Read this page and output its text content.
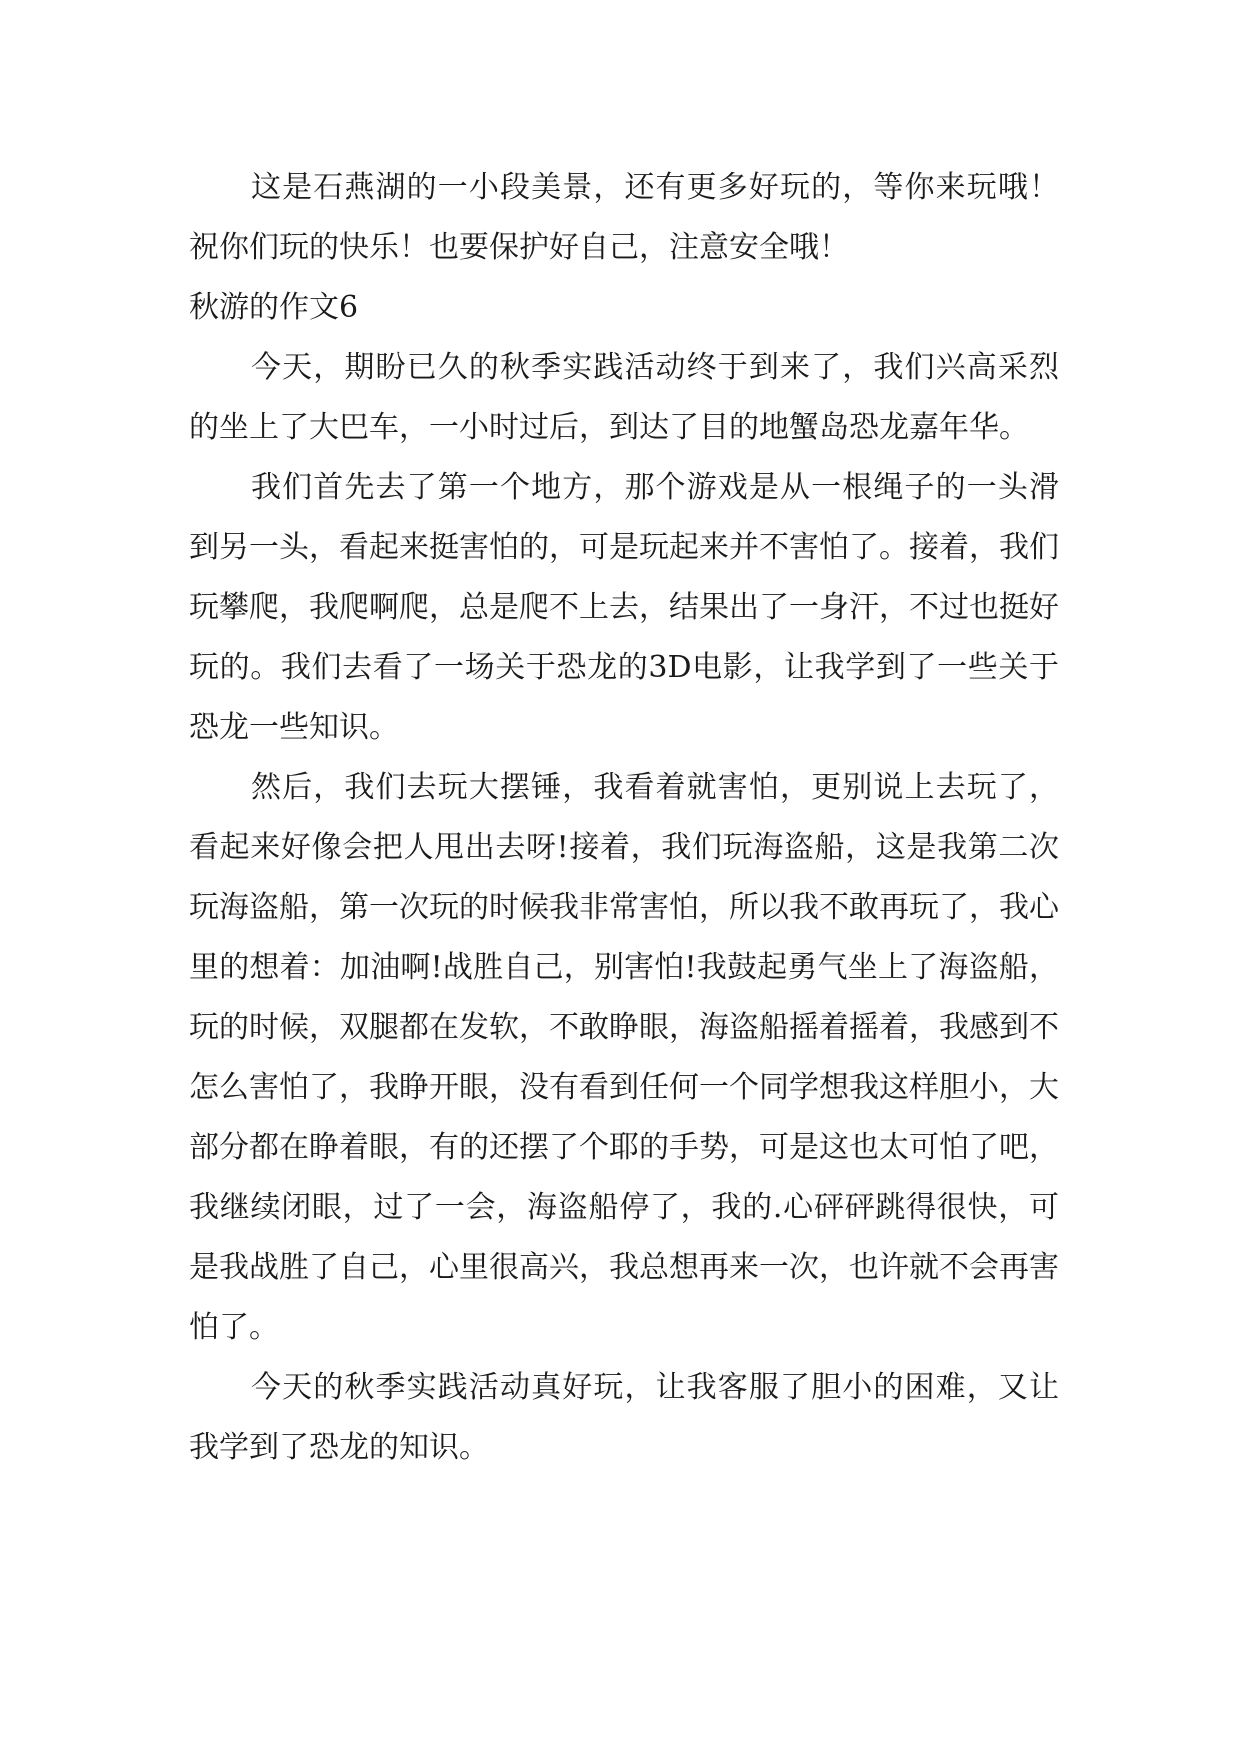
这是石燕湖的一小段美景，还有更多好玩的，等你来玩哦！祝你们玩的快乐！也要保护好自己，注意安全哦！

秋游的作文6

今天，期盼已久的秋季实践活动终于到来了，我们兴高采烈的坐上了大巴车，一小时过后，到达了目的地蟹岛恐龙嘉年华。

我们首先去了第一个地方，那个游戏是从一根绳子的一头滑到另一头，看起来挺害怕的，可是玩起来并不害怕了。接着，我们玩攀爬，我爬啊爬，总是爬不上去，结果出了一身汗，不过也挺好玩的。我们去看了一场关于恐龙的3D电影，让我学到了一些关于恐龙一些知识。

然后，我们去玩大摆锤，我看着就害怕，更别说上去玩了，看起来好像会把人甩出去呀!接着，我们玩海盗船，这是我第二次玩海盗船，第一次玩的时候我非常害怕，所以我不敢再玩了，我心里的想着：加油啊!战胜自己，别害怕!我鼓起勇气坐上了海盗船，玩的时候，双腿都在发软，不敢睁眼，海盗船摇着摇着，我感到不怎么害怕了，我睁开眼，没有看到任何一个同学想我这样胆小，大部分都在睁着眼，有的还摆了个耶的手势，可是这也太可怕了吧，我继续闭眼，过了一会，海盗船停了，我的.心砰砰跳得很快，可是我战胜了自己，心里很高兴，我总想再来一次，也许就不会再害怕了。

今天的秋季实践活动真好玩，让我客服了胆小的困难，又让我学到了恐龙的知识。
